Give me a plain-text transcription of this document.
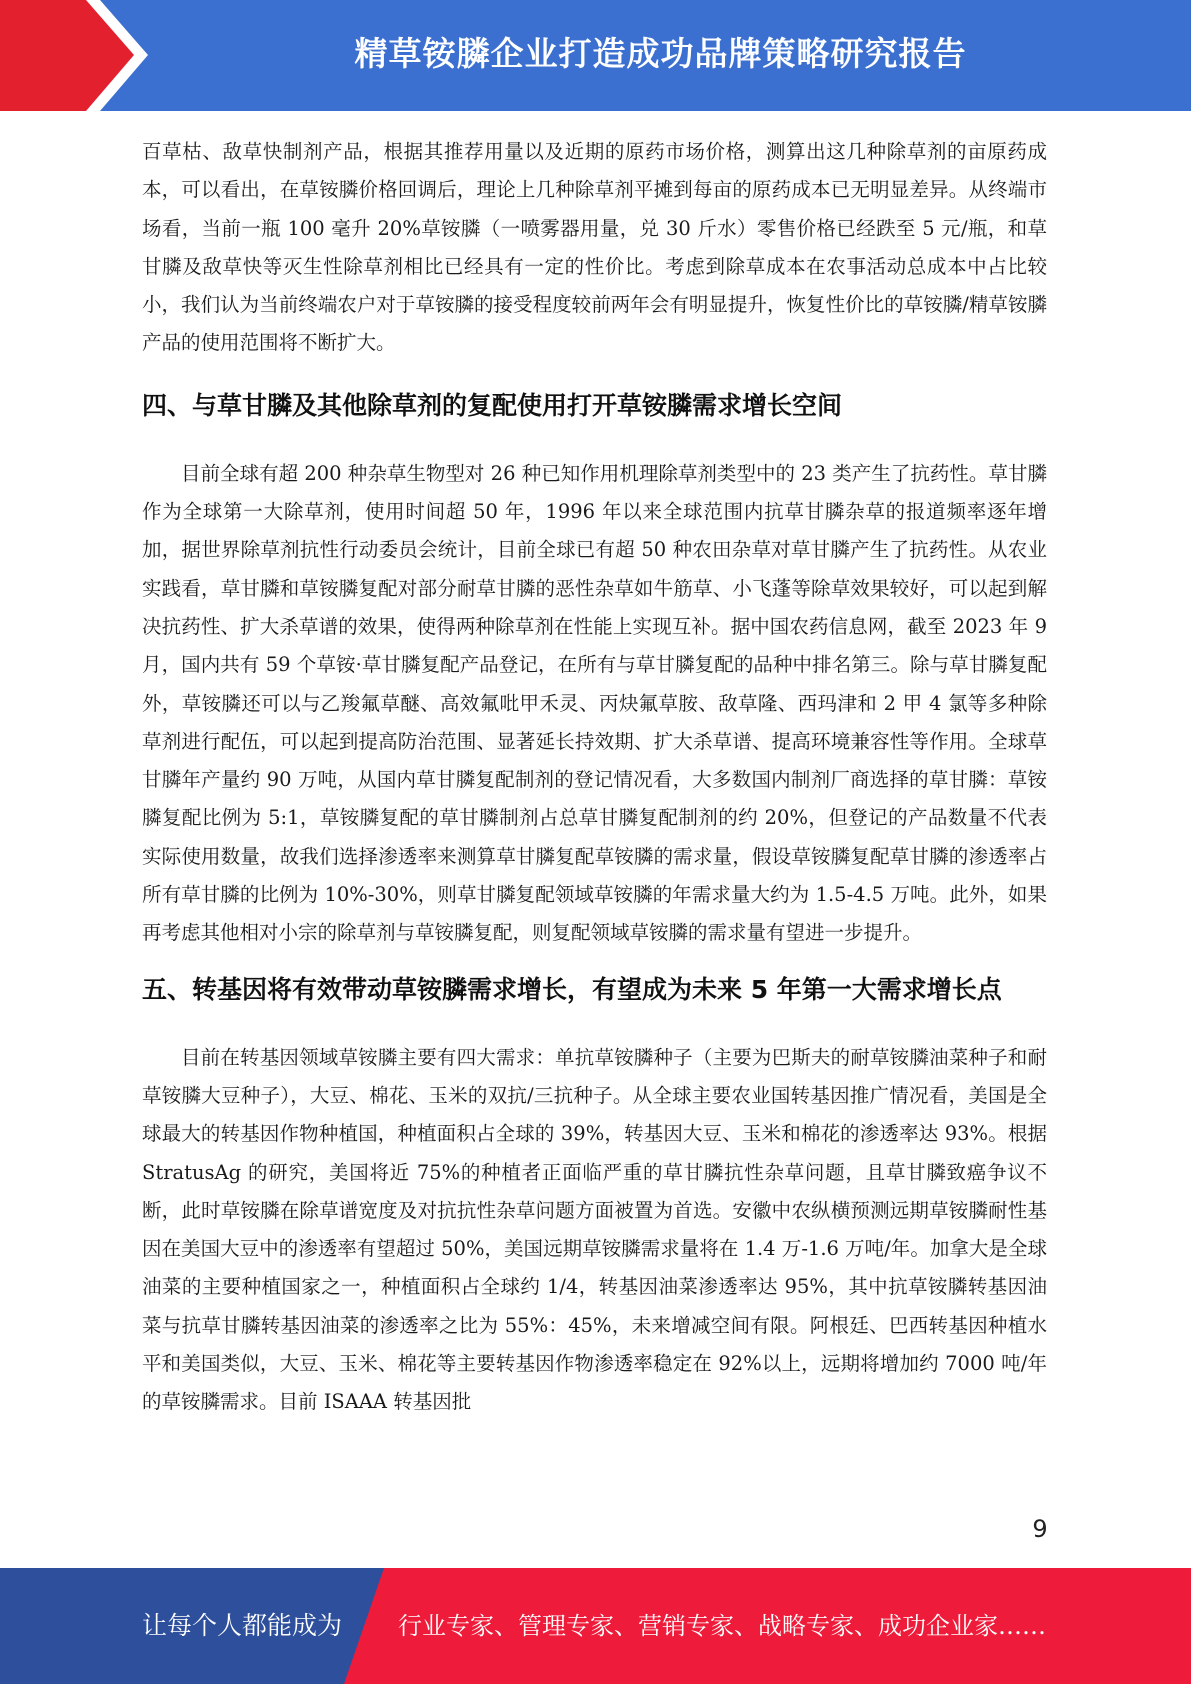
精草铵膦企业打造成功品牌策略研究报告

百草枯、敌草快制剂产品，根据其推荐用量以及近期的原药市场价格，测算出这几种除草剂的亩原药成本，可以看出，在草铵膦价格回调后，理论上几种除草剂平摊到每亩的原药成本已无明显差异。从终端市场看，当前一瓶 100 毫升 20%草铵膦（一喷雾器用量，兑 30 斤水）零售价格已经跌至 5 元/瓶，和草甘膦及敌草快等灭生性除草剂相比已经具有一定的性价比。考虑到除草成本在农事活动总成本中占比较小，我们认为当前终端农户对于草铵膦的接受程度较前两年会有明显提升，恢复性价比的草铵膦/精草铵膦产品的使用范围将不断扩大。

四、与草甘膦及其他除草剂的复配使用打开草铵膦需求增长空间

目前全球有超 200 种杂草生物型对 26 种已知作用机理除草剂类型中的 23 类产生了抗药性。草甘膦作为全球第一大除草剂，使用时间超 50 年，1996 年以来全球范围内抗草甘膦杂草的报道频率逐年增加，据世界除草剂抗性行动委员会统计，目前全球已有超 50 种农田杂草对草甘膦产生了抗药性。从农业实践看，草甘膦和草铵膦复配对部分耐草甘膦的恶性杂草如牛筋草、小飞蓬等除草效果较好，可以起到解决抗药性、扩大杀草谱的效果，使得两种除草剂在性能上实现互补。据中国农药信息网，截至 2023 年 9 月，国内共有 59 个草铵·草甘膦复配产品登记，在所有与草甘膦复配的品种中排名第三。除与草甘膦复配外，草铵膦还可以与乙羧氟草醚、高效氟吡甲禾灵、丙炔氟草胺、敌草隆、西玛津和 2 甲 4 氯等多种除草剂进行配伍，可以起到提高防治范围、显著延长持效期、扩大杀草谱、提高环境兼容性等作用。全球草甘膦年产量约 90 万吨，从国内草甘膦复配制剂的登记情况看，大多数国内制剂厂商选择的草甘膦：草铵膦复配比例为 5:1，草铵膦复配的草甘膦制剂占总草甘膦复配制剂的约 20%，但登记的产品数量不代表实际使用数量，故我们选择渗透率来测算草甘膦复配草铵膦的需求量，假设草铵膦复配草甘膦的渗透率占所有草甘膦的比例为 10%-30%，则草甘膦复配领域草铵膦的年需求量大约为 1.5-4.5 万吨。此外，如果再考虑其他相对小宗的除草剂与草铵膦复配，则复配领域草铵膦的需求量有望进一步提升。

五、转基因将有效带动草铵膦需求增长，有望成为未来 5 年第一大需求增长点

目前在转基因领域草铵膦主要有四大需求：单抗草铵膦种子（主要为巴斯夫的耐草铵膦油菜种子和耐草铵膦大豆种子），大豆、棉花、玉米的双抗/三抗种子。从全球主要农业国转基因推广情况看，美国是全球最大的转基因作物种植国，种植面积占全球的 39%，转基因大豆、玉米和棉花的渗透率达 93%。根据 StratusAg 的研究，美国将近 75%的种植者正面临严重的草甘膦抗性杂草问题，且草甘膦致癌争议不断，此时草铵膦在除草谱宽度及对抗抗性杂草问题方面被置为首选。安徽中农纵横预测远期草铵膦耐性基因在美国大豆中的渗透率有望超过 50%，美国远期草铵膦需求量将在 1.4 万-1.6 万吨/年。加拿大是全球油菜的主要种植国家之一，种植面积占全球约 1/4，转基因油菜渗透率达 95%，其中抗草铵膦转基因油菜与抗草甘膦转基因油菜的渗透率之比为 55%：45%，未来增减空间有限。阿根廷、巴西转基因种植水平和美国类似，大豆、玉米、棉花等主要转基因作物渗透率稳定在 92%以上，远期将增加约 7000 吨/年的草铵膦需求。目前 ISAAA 转基因批

9
让每个人都能成为 行业专家、管理专家、营销专家、战略专家、成功企业家……
